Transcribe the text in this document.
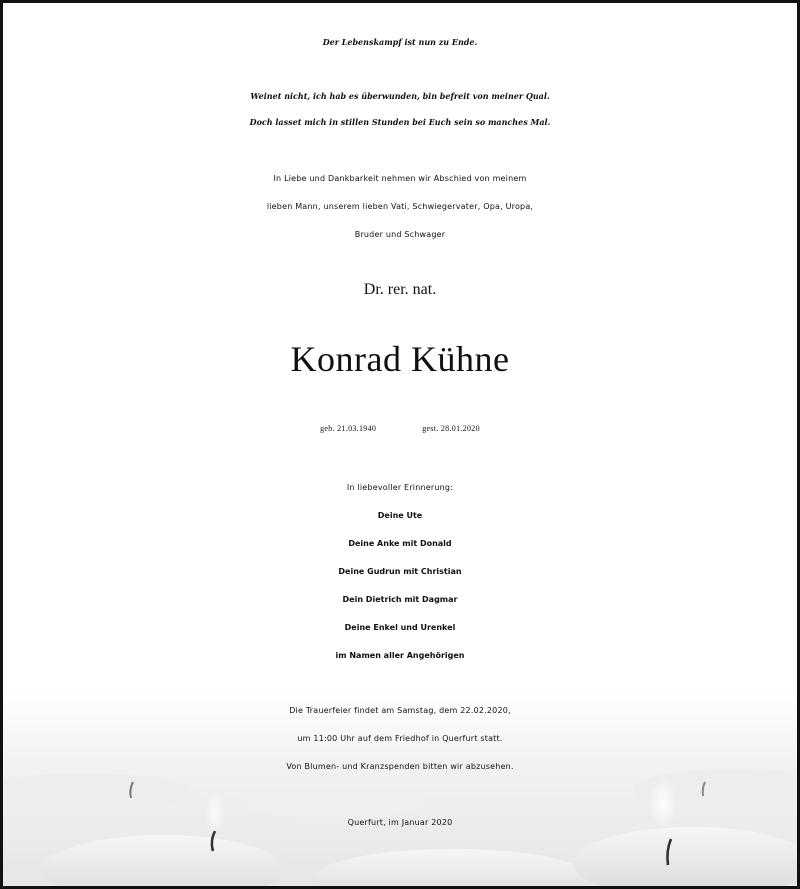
Der Lebenskampf ist nun zu Ende.
Weinet nicht, ich hab es überwunden, bin befreit von meiner Qual.
Doch lasset mich in stillen Stunden bei Euch sein so manches Mal.
In Liebe und Dankbarkeit nehmen wir Abschied von meinem
lieben Mann, unserem lieben Vati, Schwiegervater, Opa, Uropa,
Bruder und Schwager
Dr. rer. nat.
Konrad Kühne
geb. 21.03.1940	gest. 28.01.2020
In liebevoller Erinnerung:
Deine Ute
Deine Anke mit Donald
Deine Gudrun mit Christian
Dein Dietrich mit Dagmar
Deine Enkel und Urenkel
im Namen aller Angehörigen
Die Trauerfeier findet am Samstag, dem 22.02.2020,
um 11:00 Uhr auf dem Friedhof in Querfurt statt.
Von Blumen- und Kranzspenden bitten wir abzusehen.
Querfurt, im Januar 2020
